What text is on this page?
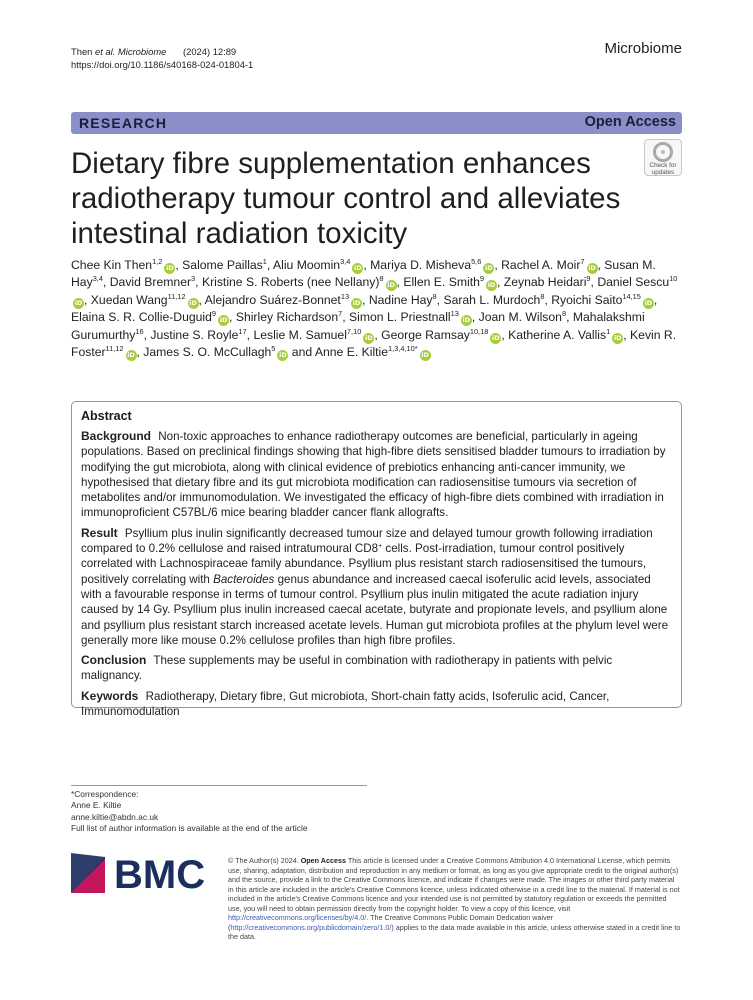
Then et al. Microbiome (2024) 12:89
https://doi.org/10.1186/s40168-024-01804-1
Microbiome
RESEARCH	Open Access
Check for
updates
Dietary fibre supplementation enhances radiotherapy tumour control and alleviates intestinal radiation toxicity
Chee Kin Then$^{1,2}$iD , Salome Paillas$^1$, Aliu Moomin$^{3,4}$iD , Mariya D. Misheva$^{5,6}$iD , Rachel A. Moir$^7$iD , Susan M. Hay$^{3,4}$, David Bremner$^3$, Kristine S. Roberts (nee Nellany)$^8$iD , Ellen E. Smith$^9$iD , Zeynab Heidari$^9$, Daniel Sescu$^{10}$iD , Xuedan Wang$^{11,12}$iD , Alejandro Suárez-Bonnet$^{13}$iD , Nadine Hay$^8$, Sarah L. Murdoch$^8$, Ryoichi Saito$^{14,15}$iD , Elaina S. R. Collie-Duguid$^9$iD , Shirley Richardson$^7$, Simon L. Priestnall$^{13}$iD , Joan M. Wilson$^8$, Mahalakshmi Gurumurthy$^{16}$, Justine S. Royle$^{17}$, Leslie M. Samuel$^{7,10}$iD , George Ramsay$^{10,18}$iD , Katherine A. Vallis$^1$iD , Kevin R. Foster$^{11,12}$iD , James S. O. McCullagh$^5$iD and Anne E. Kiltie$^{1,3,4,10*}$iD
Abstract

Background Non-toxic approaches to enhance radiotherapy outcomes are beneficial, particularly in ageing populations. Based on preclinical findings showing that high-fibre diets sensitised bladder tumours to irradiation by modifying the gut microbiota, along with clinical evidence of prebiotics enhancing anti-cancer immunity, we hypothesised that dietary fibre and its gut microbiota modification can radiosensitise tumours via secretion of metabolites and/or immunomodulation. We investigated the efficacy of high-fibre diets combined with irradiation in immunoproficient C57BL/6 mice bearing bladder cancer flank allografts.

Result Psyllium plus inulin significantly decreased tumour size and delayed tumour growth following irradiation compared to 0.2% cellulose and raised intratumoural CD8+ cells. Post-irradiation, tumour control positively correlated with Lachnospiraceae family abundance. Psyllium plus resistant starch radiosensitised the tumours, positively correlating with Bacteroides genus abundance and increased caecal isoferulic acid levels, associated with a favourable response in terms of tumour control. Psyllium plus inulin mitigated the acute radiation injury caused by 14 Gy. Psyllium plus inulin increased caecal acetate, butyrate and propionate levels, and psyllium alone and psyllium plus resistant starch increased acetate levels. Human gut microbiota profiles at the phylum level were generally more like mouse 0.2% cellulose profiles than high fibre profiles.

Conclusion These supplements may be useful in combination with radiotherapy in patients with pelvic malignancy.

Keywords Radiotherapy, Dietary fibre, Gut microbiota, Short-chain fatty acids, Isoferulic acid, Cancer, Immunomodulation

*Correspondence:
Anne E. Kiltie
anne.kiltie@abdn.ac.uk
Full list of author information is available at the end of the article
BMC	© The Author(s) 2024. Open Access This article is licensed under a Creative Commons Attribution 4.0 International License, which permits use, sharing, adaptation, distribution and reproduction in any medium or format, as long as you give appropriate credit to the original author(s) and the source, provide a link to the Creative Commons licence, and indicate if changes were made. The images or other third party material in this article are included in the article's Creative Commons licence, unless indicated otherwise in a credit line to the material. If material is not included in the article's Creative Commons licence and your intended use is not permitted by statutory regulation or exceeds the permitted use, you will need to obtain permission directly from the copyright holder. To view a copy of this licence, visit http://creativecommons.org/licenses/by/4.0/. The Creative Commons Public Domain Dedication waiver (http://creativecommons.org/publicdomain/zero/1.0/) applies to the data made available in this article, unless otherwise stated in a credit line to the data.
